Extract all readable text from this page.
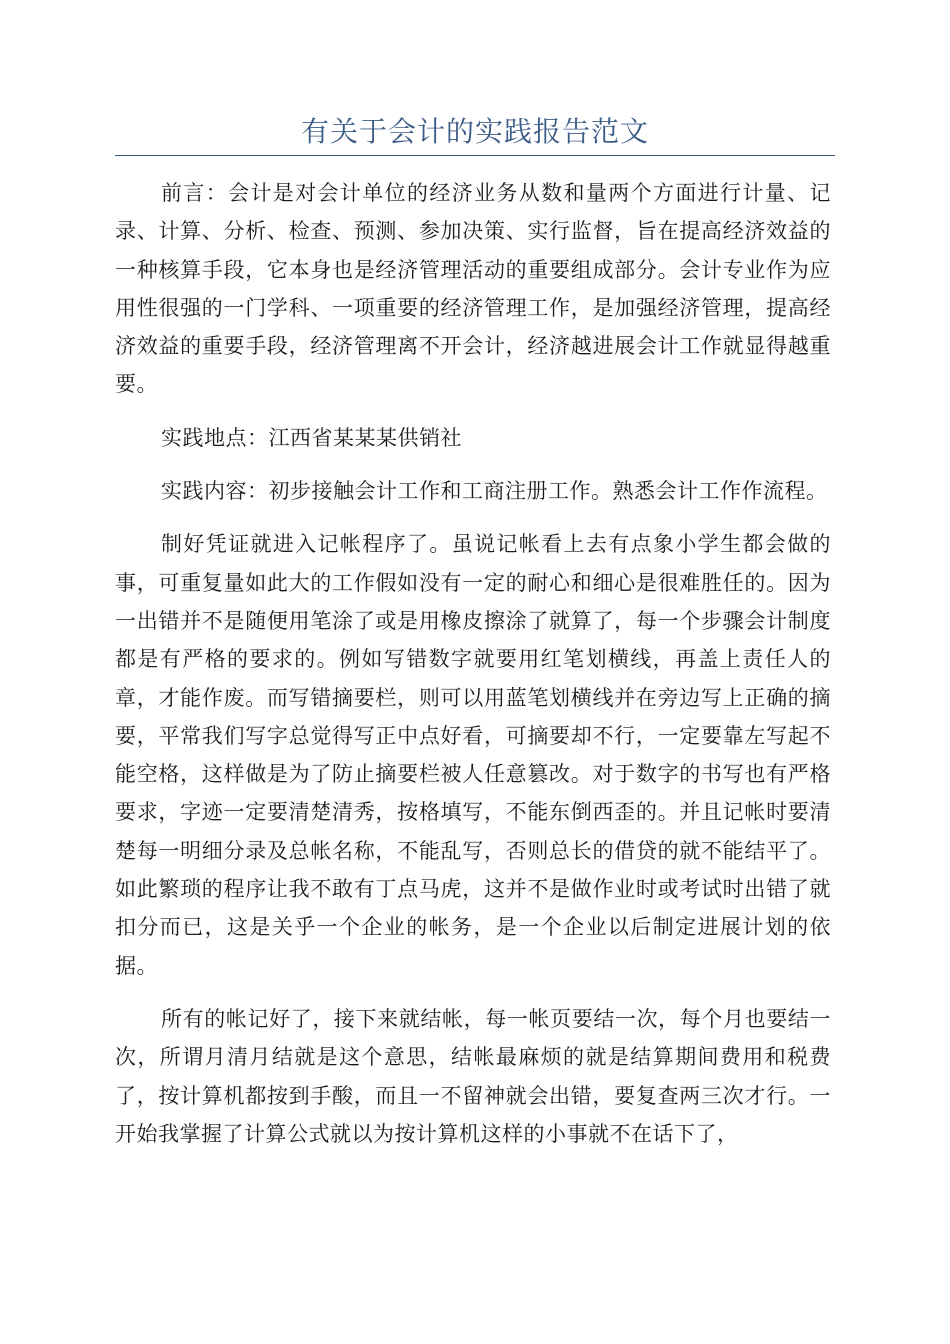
有关于会计的实践报告范文

前言：会计是对会计单位的经济业务从数和量两个方面进行计量、记录、计算、分析、检查、预测、参加决策、实行监督，旨在提高经济效益的一种核算手段，它本身也是经济管理活动的重要组成部分。会计专业作为应用性很强的一门学科、一项重要的经济管理工作，是加强经济管理，提高经济效益的重要手段，经济管理离不开会计，经济越进展会计工作就显得越重要。

实践地点：江西省某某某供销社

实践内容：初步接触会计工作和工商注册工作。熟悉会计工作作流程。

制好凭证就进入记帐程序了。虽说记帐看上去有点象小学生都会做的事，可重复量如此大的工作假如没有一定的耐心和细心是很难胜任的。因为一出错并不是随便用笔涂了或是用橡皮擦涂了就算了，每一个步骤会计制度都是有严格的要求的。例如写错数字就要用红笔划横线，再盖上责任人的章，才能作废。而写错摘要栏，则可以用蓝笔划横线并在旁边写上正确的摘要，平常我们写字总觉得写正中点好看，可摘要却不行，一定要靠左写起不能空格，这样做是为了防止摘要栏被人任意篡改。对于数字的书写也有严格要求，字迹一定要清楚清秀，按格填写，不能东倒西歪的。并且记帐时要清楚每一明细分录及总帐名称，不能乱写，否则总长的借贷的就不能结平了。如此繁琐的程序让我不敢有丁点马虎，这并不是做作业时或考试时出错了就扣分而已，这是关乎一个企业的帐务，是一个企业以后制定进展计划的依据。

所有的帐记好了，接下来就结帐，每一帐页要结一次，每个月也要结一次，所谓月清月结就是这个意思，结帐最麻烦的就是结算期间费用和税费了，按计算机都按到手酸，而且一不留神就会出错，要复查两三次才行。一开始我掌握了计算公式就以为按计算机这样的小事就不在话下了，
